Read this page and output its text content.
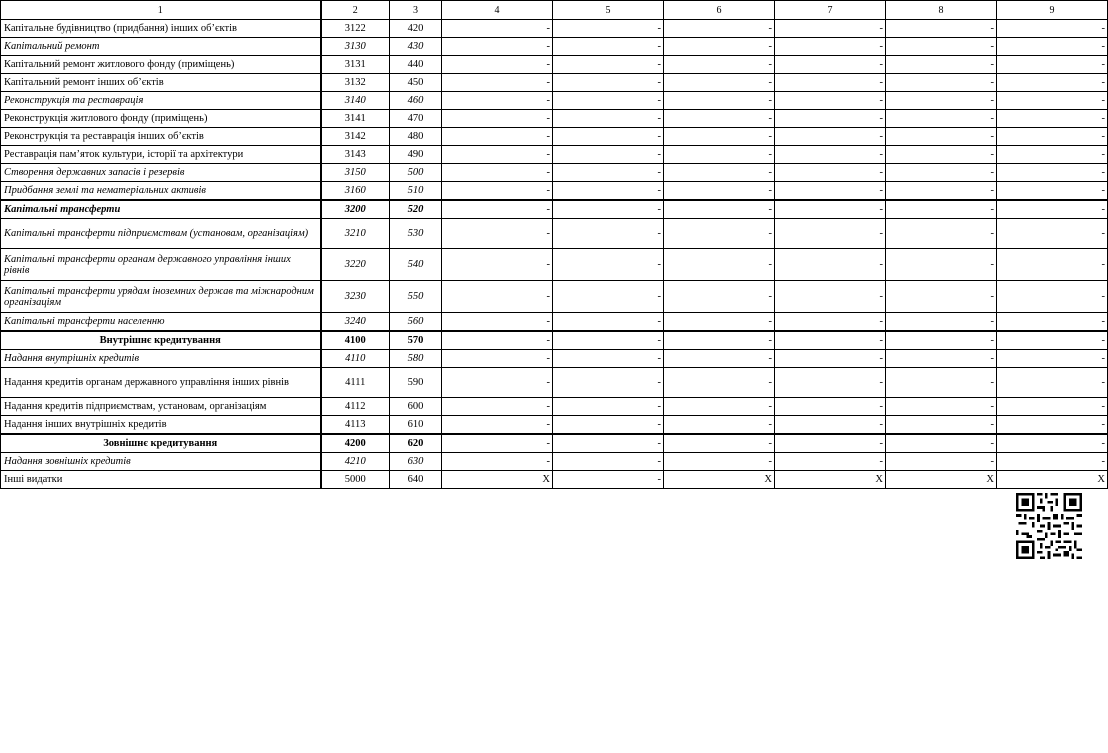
1	2	3	4	5	6	7	8	9
Капітальне будівництво (придбання) інших об’єктів	3122	420	-	-	-	-	-	-
Капітальний ремонт	3130	430	-	-	-	-	-	-
Капітальний ремонт житлового фонду (приміщень)	3131	440	-	-	-	-	-	-
Капітальний ремонт інших об’єктів	3132	450	-	-	-	-	-	-
Реконструкція та реставрація	3140	460	-	-	-	-	-	-
Реконструкція житлового фонду (приміщень)	3141	470	-	-	-	-	-	-
Реконструкція та реставрація інших об’єктів	3142	480	-	-	-	-	-	-
Реставрація пам’яток культури, історії та архітектури	3143	490	-	-	-	-	-	-
Створення державних запасів і резервів	3150	500	-	-	-	-	-	-
Придбання землі та нематеріальних активів	3160	510	-	-	-	-	-	-
Капітальні трансферти	3200	520	-	-	-	-	-	-
Капітальні трансферти підприємствам (установам, організаціям)	3210	530	-	-	-	-	-	-
Капітальні трансферти органам державного управління інших рівнів	3220	540	-	-	-	-	-	-
Капітальні трансферти урядам іноземних держав та міжнародним організаціям	3230	550	-	-	-	-	-	-
Капітальні трансферти населенню	3240	560	-	-	-	-	-	-
Внутрішнє кредитування	4100	570	-	-	-	-	-	-
Надання внутрішніх кредитів	4110	580	-	-	-	-	-	-
Надання кредитів органам державного управління інших рівнів	4111	590	-	-	-	-	-	-
Надання кредитів підприємствам, установам, організаціям	4112	600	-	-	-	-	-	-
Надання інших внутрішніх кредитів	4113	610	-	-	-	-	-	-
Зовнішнє кредитування	4200	620	-	-	-	-	-	-
Надання зовнішніх кредитів	4210	630	-	-	-	-	-	-
Інші видатки	5000	640	X	-	X	X	X	X
